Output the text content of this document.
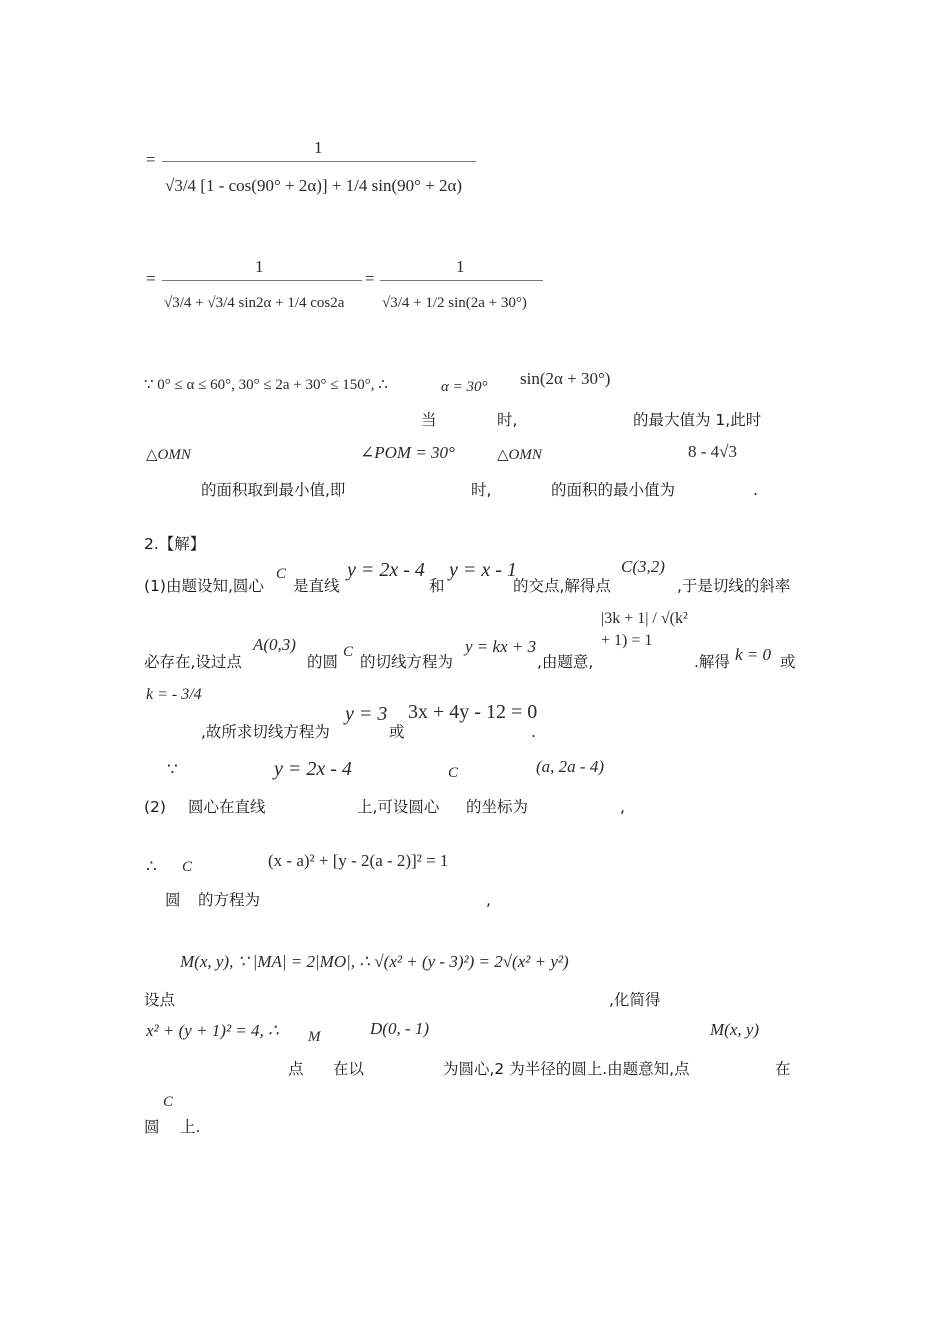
=
1
√3/4 [1 - cos(90° + 2α)] + 1/4 sin(90° + 2α)
=
1
√3/4 + √3/4 sin2α + 1/4 cos2a
=
1
√3/4 + 1/2 sin(2a + 30°)
∵ 0° ≤ α ≤ 60°, 30° ≤ 2a + 30° ≤ 150°, ∴	α = 30° sin(2α + 30°)
当	时,	的最大值为 1,此时
△OMN	∠POM = 30°	△OMN	8 - 4√3
的面积取到最小值,即	时,	的面积的最小值为	.
2.【解】
C	y = 2x - 4 y = x - 1	C(3,2)
(1)由题设知,圆心 是直线	和	的交点,解得点	,于是切线的斜率
A(0,3)	C	y = kx + 3
|3k + 1| / √(k² + 1) = 1
k = 0
必存在,设过点	的圆 的切线方程为	,由题意,	.解得	或
k = - 3/4
y = 3 3x + 4y - 12 = 0
,故所求切线方程为	或	.
∵	y = 2x - 4	C	(a, 2a - 4)
(2) 圆心在直线	上,可设圆心 的坐标为	,
∴ C	(x - a)² + [y - 2(a - 2)]² = 1
圆 的方程为	,
M(x, y), ∵ |MA| = 2|MO|, ∴ √(x² + (y - 3)²) = 2√(x² + y²)
设点	,化简得
x² + (y + 1)² = 4, ∴ M	D(0, - 1)	M(x, y)
点 在以	为圆心,2 为半径的圆上.由题意知,点	在
C
圆 上.
